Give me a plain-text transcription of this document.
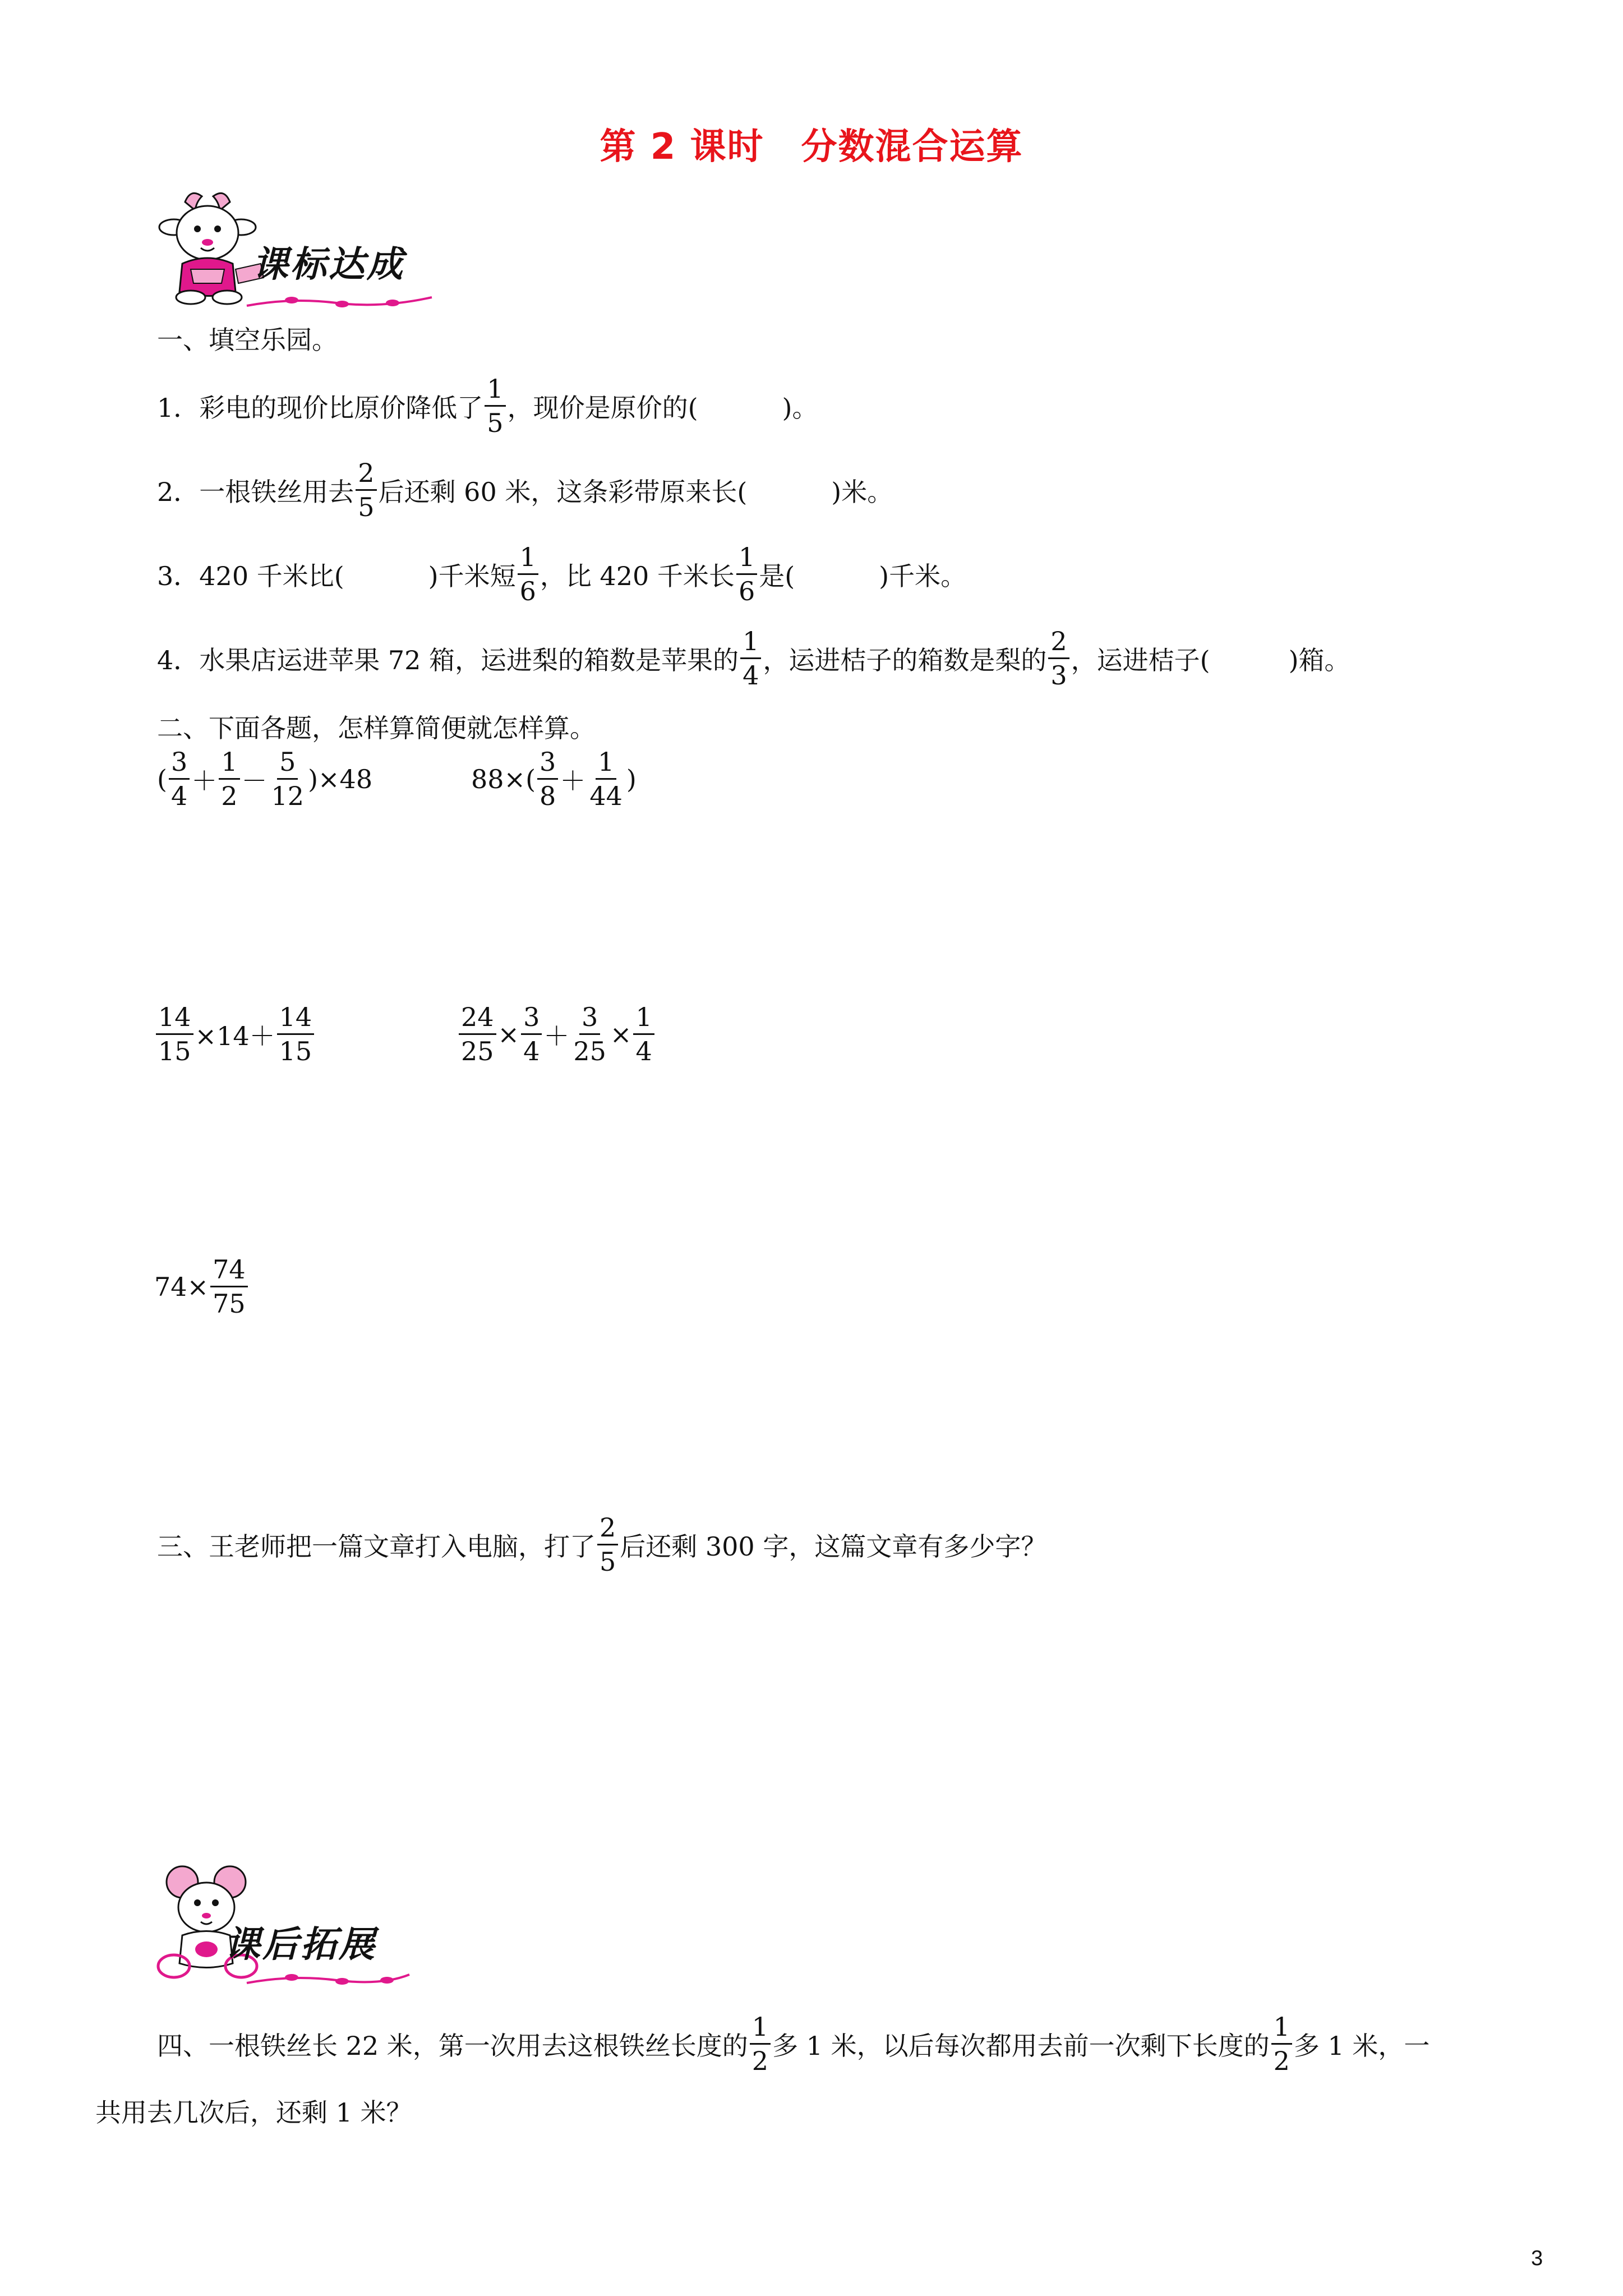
第 2 课时　分数混合运算
课标达成
一、填空乐园。
1． 彩电的现价比原价降低了 $\frac{1}{5}$ ，现价是原价的(	)。
2． 一根铁丝用去 $\frac{2}{5}$ 后还剩 60 米，这条彩带原来长(	)米。
3． 420 千米比(	)千米短 $\frac{1}{6}$ ，比 420 千米长 $\frac{1}{6}$ 是(	)千米。
4． 水果店运进苹果 72 箱，运进梨的箱数是苹果的 $\frac{1}{4}$ ，运进桔子的箱数是梨的 $\frac{2}{3}$ ，运进桔子(	)箱。
二、下面各题，怎样算简便就怎样算。
( $\frac{3}{4} + \frac{1}{2} - \frac{5}{12} )\times 48$	$88\times( \frac{3}{8} + \frac{1}{44}$ )
$\frac{14}{15} \times 14+ \frac{14}{15}$	$\frac{24}{25} \times \frac{3}{4} + \frac{3}{25} \times \frac{1}{4}$
$74\times \frac{74}{75}$
三、王老师把一篇文章打入电脑，打了 $\frac{2}{5}$ 后还剩 300 字，这篇文章有多少字？
课后拓展
四、一根铁丝长 22 米，第一次用去这根铁丝长度的 $\frac{1}{2}$ 多 1 米，以后每次都用去前一次剩下长度的 $\frac{1}{2}$ 多 1 米，一
共用去几次后，还剩 1 米？
3
